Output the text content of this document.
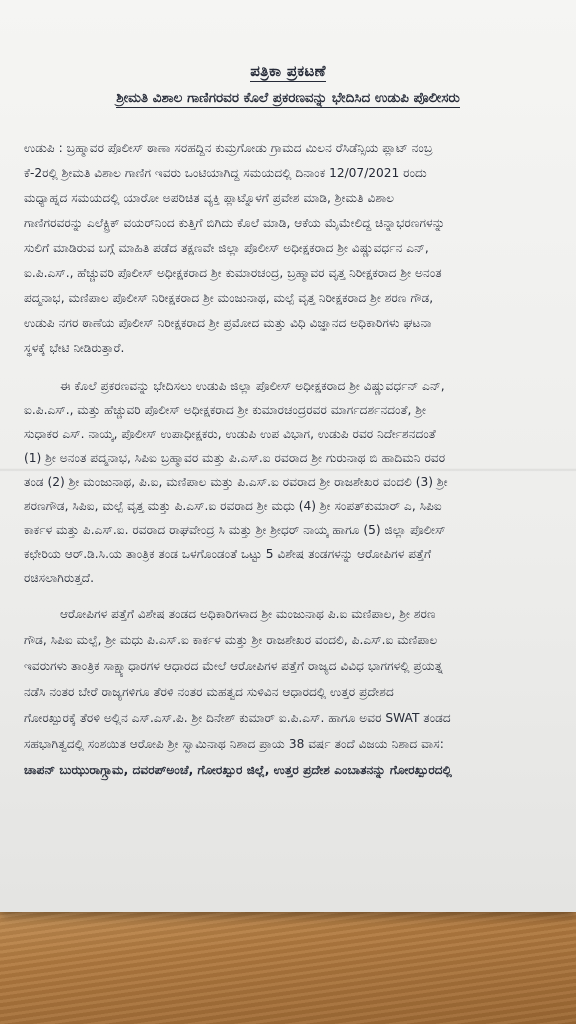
ಪತ್ರಿಕಾ ಪ್ರಕಟಣೆ
ಶ್ರೀಮತಿ ವಿಶಾಲ ಗಾಣಿಗರವರ ಕೊಲೆ ಪ್ರಕರಣವನ್ನು ಭೇದಿಸಿದ ಉಡುಪಿ ಪೊಲೀಸರು
ಉಡುಪಿ : ಬ್ರಹ್ಮಾವರ ಪೊಲೀಸ್ ಠಾಣಾ ಸರಹದ್ದಿನ ಕುಮ್ರಗೋಡು ಗ್ರಾಮದ ಮಿಲನ ರೆಸಿಡೆನ್ಸಿಯ ಪ್ಲಾಟ್ ನಂಬ್ರ
ಕೆ-2ರಲ್ಲಿ ಶ್ರೀಮತಿ ವಿಶಾಲ ಗಾಣಿಗ ಇವರು ಒಂಟಿಯಾಗಿದ್ದ ಸಮಯದಲ್ಲಿ ದಿನಾಂಕ 12/07/2021 ರಂದು
ಮಧ್ಯಾಹ್ನದ ಸಮಯದಲ್ಲಿ ಯಾರೋ ಅಪರಿಚಿತ ವ್ಯಕ್ತಿ ಪ್ಲಾಟ್ನೊಳಗೆ ಪ್ರವೇಶ ಮಾಡಿ, ಶ್ರೀಮತಿ ವಿಶಾಲ
ಗಾಣಿಗರವರನ್ನು ಎಲೆಕ್ಟ್ರಿಕ್ ವಯರ್‌ನಿಂದ ಕುತ್ತಿಗೆ ಬಿಗಿದು ಕೊಲೆ ಮಾಡಿ, ಆಕೆಯ ಮೈಮೇಲಿದ್ದ ಚಿನ್ನಾಭರಣಗಳನ್ನು
ಸುಲಿಗೆ ಮಾಡಿರುವ ಬಗ್ಗೆ ಮಾಹಿತಿ ಪಡೆದ ತಕ್ಷಣವೇ ಜಿಲ್ಲಾ ಪೊಲೀಸ್ ಅಧೀಕ್ಷಕರಾದ ಶ್ರೀ ವಿಷ್ಣುವರ್ಧನ ಎನ್,
ಐ.ಪಿ.ಎಸ್., ಹೆಚ್ಚುವರಿ ಪೊಲೀಸ್ ಅಧೀಕ್ಷಕರಾದ ಶ್ರೀ ಕುಮಾರಚಂದ್ರ, ಬ್ರಹ್ಮಾವರ ವೃತ್ತ ನಿರೀಕ್ಷಕರಾದ ಶ್ರೀ ಅನಂತ
ಪದ್ಮನಾಭ, ಮಣಿಪಾಲ ಪೊಲೀಸ್ ನಿರೀಕ್ಷಕರಾದ ಶ್ರೀ ಮಂಜುನಾಥ, ಮಲ್ಪೆ ವೃತ್ತ ನಿರೀಕ್ಷಕರಾದ ಶ್ರೀ ಶರಣ ಗೌಡ,
ಉಡುಪಿ ನಗರ ಠಾಣೆಯ ಪೊಲೀಸ್ ನಿರೀಕ್ಷಕರಾದ ಶ್ರೀ ಪ್ರಮೋದ ಮತ್ತು ವಿಧಿ ವಿಜ್ಞಾನದ ಅಧಿಕಾರಿಗಳು ಘಟನಾ
ಸ್ಥಳಕ್ಕೆ ಭೇಟಿ ನೀಡಿರುತ್ತಾರೆ.
ಈ ಕೊಲೆ ಪ್ರಕರಣವನ್ನು ಭೇದಿಸಲು ಉಡುಪಿ ಜಿಲ್ಲಾ ಪೊಲೀಸ್ ಅಧೀಕ್ಷಕರಾದ ಶ್ರೀ ವಿಷ್ಣುವರ್ಧನ್ ಎನ್,
ಐ.ಪಿ.ಎಸ್., ಮತ್ತು ಹೆಚ್ಚುವರಿ ಪೊಲೀಸ್ ಅಧೀಕ್ಷಕರಾದ ಶ್ರೀ ಕುಮಾರಚಂದ್ರರವರ ಮಾರ್ಗದರ್ಶನದಂತೆ, ಶ್ರೀ
ಸುಧಾಕರ ಎಸ್. ನಾಯ್ಕ, ಪೊಲೀಸ್ ಉಪಾಧೀಕ್ಷಕರು, ಉಡುಪಿ ಉಪ ವಿಭಾಗ, ಉಡುಪಿ ರವರ ನಿರ್ದೇಶನದಂತೆ
(1) ಶ್ರೀ ಅನಂತ ಪದ್ಮನಾಭ, ಸಿಪಿಐ ಬ್ರಹ್ಮಾವರ ಮತ್ತು ಪಿ.ಎಸ್.ಐ ರವರಾದ ಶ್ರೀ ಗುರುನಾಥ ಬಿ ಹಾದಿಮನಿ ರವರ
ತಂಡ (2) ಶ್ರೀ ಮಂಜುನಾಥ, ಪಿ.ಐ, ಮಣಿಪಾಲ ಮತ್ತು ಪಿ.ಎಸ್.ಐ ರವರಾದ ಶ್ರೀ ರಾಜಶೇಖರ ವಂದಲಿ (3) ಶ್ರೀ
ಶರಣಗೌಡ, ಸಿಪಿಐ, ಮಲ್ಪೆ ವೃತ್ತ ಮತ್ತು ಪಿ.ಎಸ್.ಐ ರವರಾದ ಶ್ರೀ ಮಧು (4) ಶ್ರೀ ಸಂಪತ್‌ಕುಮಾರ್ ಎ, ಸಿಪಿಐ
ಕಾರ್ಕಳ ಮತ್ತು ಪಿ.ಎಸ್.ಐ. ರವರಾದ ರಾಘವೇಂದ್ರ ಸಿ ಮತ್ತು ಶ್ರೀ ಶ್ರೀಧರ್ ನಾಯ್ಕ ಹಾಗೂ (5) ಜಿಲ್ಲಾ ಪೊಲೀಸ್
ಕಛೇರಿಯ ಆರ್.ಡಿ.ಸಿ.ಯ ತಾಂತ್ರಿಕ ತಂಡ ಒಳಗೊಂಡಂತೆ ಒಟ್ಟು 5 ವಿಶೇಷ ತಂಡಗಳನ್ನು ಆರೋಪಿಗಳ ಪತ್ತೆಗೆ
ರಚಿಸಲಾಗಿರುತ್ತದೆ.
ಆರೋಪಿಗಳ ಪತ್ತೆಗೆ ವಿಶೇಷ ತಂಡದ ಅಧಿಕಾರಿಗಳಾದ ಶ್ರೀ ಮಂಜುನಾಥ ಪಿ.ಐ ಮಣಿಪಾಲ, ಶ್ರೀ ಶರಣ
ಗೌಡ, ಸಿಪಿಐ ಮಲ್ಪೆ, ಶ್ರೀ ಮಧು ಪಿ.ಎಸ್.ಐ ಕಾರ್ಕಳ ಮತ್ತು ಶ್ರೀ ರಾಜಶೇಖರ ವಂದಲಿ, ಪಿ.ಎಸ್.ಐ ಮಣಿಪಾಲ
ಇವರುಗಳು ತಾಂತ್ರಿಕ ಸಾಕ್ಷ್ಯಾಧಾರಗಳ ಆಧಾರದ ಮೇಲೆ ಆರೋಪಿಗಳ ಪತ್ತೆಗೆ ರಾಜ್ಯದ ವಿವಿಧ ಭಾಗಗಳಲ್ಲಿ ಪ್ರಯತ್ನ
ನಡೆಸಿ ನಂತರ ಬೇರೆ ರಾಜ್ಯಗಳಿಗೂ ತೆರಳಿ ನಂತರ ಮಹತ್ವದ ಸುಳಿವಿನ ಆಧಾರದಲ್ಲಿ ಉತ್ತರ ಪ್ರದೇಶದ
ಗೋರಖ್ಪುರಕ್ಕೆ ತೆರಳಿ ಅಲ್ಲಿನ ಎಸ್.ಎಸ್.ಪಿ. ಶ್ರೀ ದಿನೇಶ್ ಕುಮಾರ್ ಐ.ಪಿ.ಎಸ್. ಹಾಗೂ ಅವರ SWAT ತಂಡದ
ಸಹಭಾಗಿತ್ವದಲ್ಲಿ ಸಂಶಯಿತ ಆರೋಪಿ ಶ್ರೀ ಸ್ವಾಮಿನಾಥ ನಿಶಾದ ಪ್ರಾಯ 38 ವರ್ಷ ತಂದೆ ವಿಜಯ ನಿಶಾದ ವಾಸ:
ಚಾಪನ್ ಬುಝುರಾಗ್ಗ್ರಾಮ, ದವರಪ್‌ಅಂಚೆ, ಗೋರಖ್ಪುರ ಜಿಲ್ಲೆ, ಉತ್ತರ ಪ್ರದೇಶ ಎಂಬಾತನನ್ನು ಗೋರಖ್ಪುರದಲ್ಲಿ
